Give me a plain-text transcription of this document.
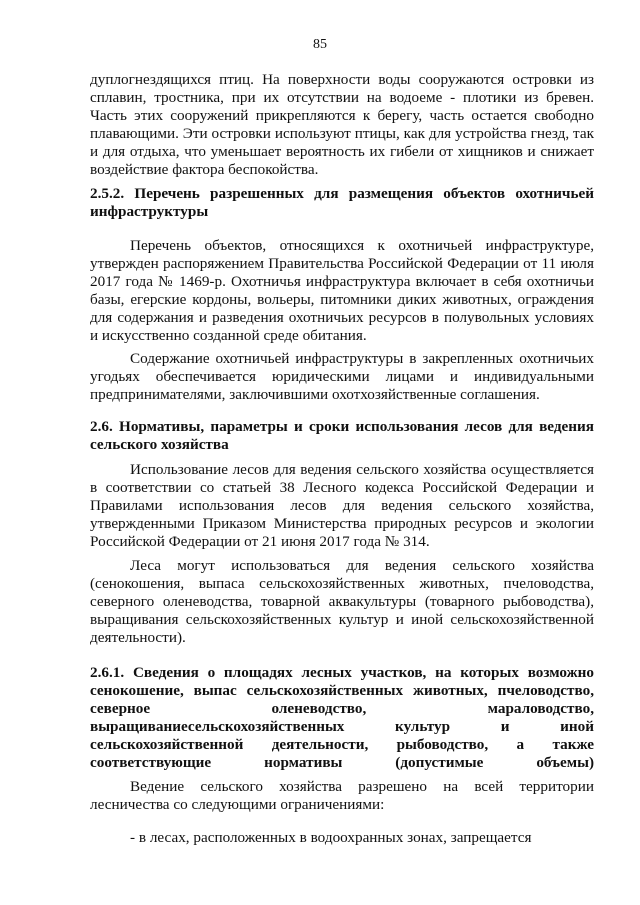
85

дуплогнездящихся птиц. На поверхности воды сооружаются островки из сплавин, тростника, при их отсутствии на водоеме - плотики из бревен. Часть этих сооружений прикрепляются к берегу, часть остается свободно плавающими. Эти островки используют птицы, как для устройства гнезд, так и для отдыха, что уменьшает вероятность их гибели от хищников и снижает воздействие фактора беспокойства.

2.5.2. Перечень разрешенных для размещения объектов охотничьей инфраструктуры

Перечень объектов, относящихся к охотничьей инфраструктуре, утвержден распоряжением Правительства Российской Федерации от 11 июля 2017 года № 1469-р. Охотничья инфраструктура включает в себя охотничьи базы, егерские кордоны, вольеры, питомники диких животных, ограждения для содержания и разведения охотничьих ресурсов в полувольных условиях и искусственно созданной среде обитания.

Содержание охотничьей инфраструктуры в закрепленных охотничьих угодьях обеспечивается юридическими лицами и индивидуальными предпринимателями, заключившими охотхозяйственные соглашения.

2.6. Нормативы, параметры и сроки использования лесов для ведения сельского хозяйства

Использование лесов для ведения сельского хозяйства осуществляется в соответствии со статьей 38 Лесного кодекса Российской Федерации и Правилами использования лесов для ведения сельского хозяйства, утвержденными Приказом Министерства природных ресурсов и экологии Российской Федерации от 21 июня 2017 года № 314.

Леса могут использоваться для ведения сельского хозяйства (сенокошения, выпаса сельскохозяйственных животных, пчеловодства, северного оленеводства, товарной аквакультуры (товарного рыбоводства), выращивания сельскохозяйственных культур и иной сельскохозяйственной деятельности).

2.6.1. Сведения о площадях лесных участков, на которых возможно сенокошение, выпас сельскохозяйственных животных, пчеловодство, северное оленеводство, мараловодство, выращиваниесельскохозяйственных культур и иной сельскохозяйственной деятельности, рыбоводство, а также соответствующие нормативы (допустимые объемы)

Ведение сельского хозяйства разрешено на всей территории лесничества со следующими ограничениями:

- в лесах, расположенных в водоохранных зонах, запрещается
